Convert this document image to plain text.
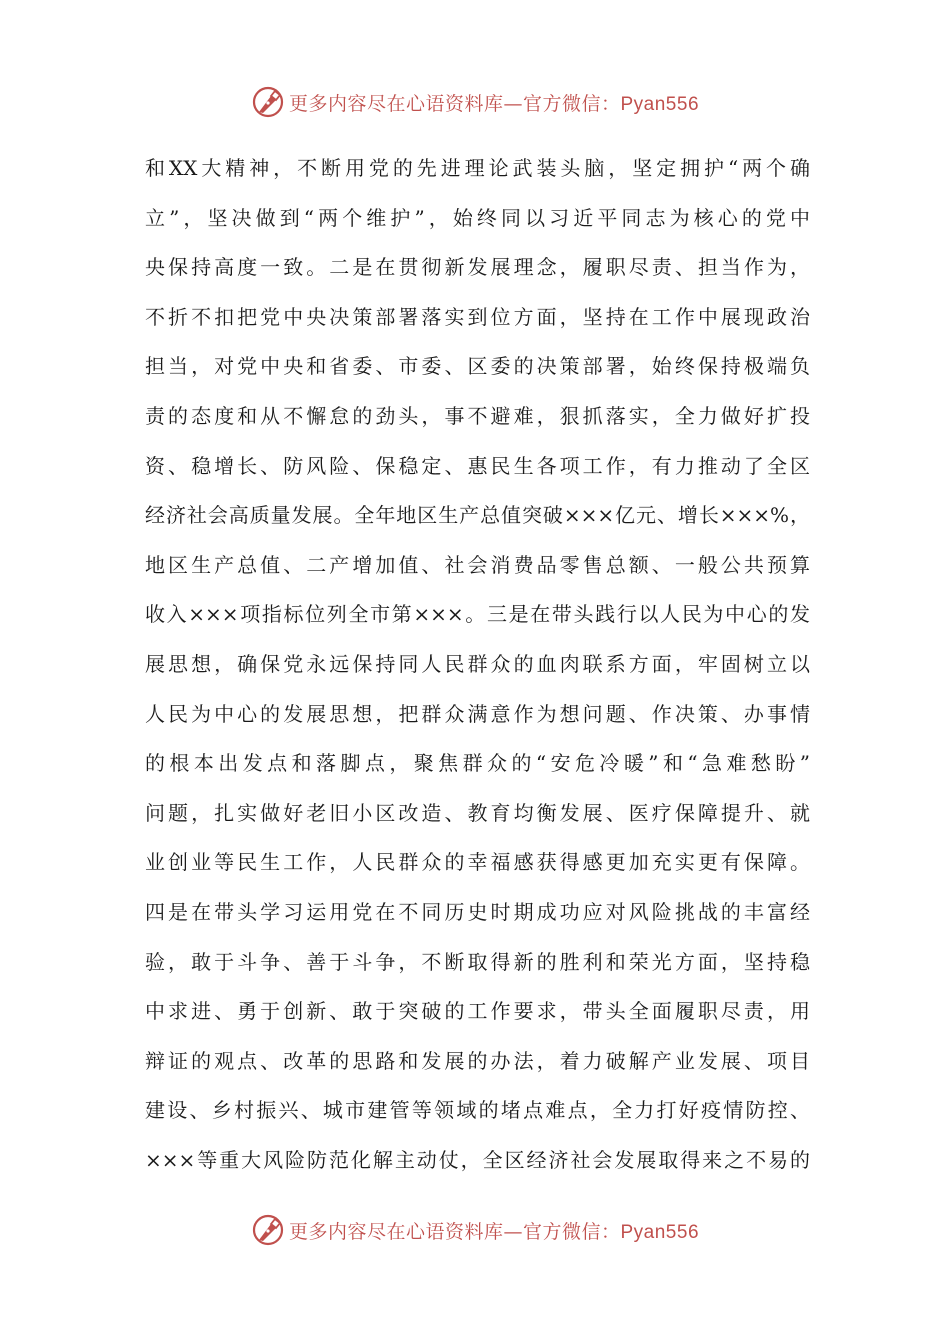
更多内容尽在心语资料库—官方微信：Pyan556
和XX大精神，不断用党的先进理论武装头脑，坚定拥护“两个确
立”，坚决做到“两个维护”，始终同以习近平同志为核心的党中
央保持高度一致。二是在贯彻新发展理念，履职尽责、担当作为，
不折不扣把党中央决策部署落实到位方面，坚持在工作中展现政治
担当，对党中央和省委、市委、区委的决策部署，始终保持极端负
责的态度和从不懈怠的劲头，事不避难，狠抓落实，全力做好扩投
资、稳增长、防风险、保稳定、惠民生各项工作，有力推动了全区
经济社会高质量发展。全年地区生产总值突破×××亿元、增长×××%，
地区生产总值、二产增加值、社会消费品零售总额、一般公共预算
收入×××项指标位列全市第×××。三是在带头践行以人民为中心的发
展思想，确保党永远保持同人民群众的血肉联系方面，牢固树立以
人民为中心的发展思想，把群众满意作为想问题、作决策、办事情
的根本出发点和落脚点，聚焦群众的“安危冷暖”和“急难愁盼”
问题，扎实做好老旧小区改造、教育均衡发展、医疗保障提升、就
业创业等民生工作，人民群众的幸福感获得感更加充实更有保障。
四是在带头学习运用党在不同历史时期成功应对风险挑战的丰富经
验，敢于斗争、善于斗争，不断取得新的胜利和荣光方面，坚持稳
中求进、勇于创新、敢于突破的工作要求，带头全面履职尽责，用
辩证的观点、改革的思路和发展的办法，着力破解产业发展、项目
建设、乡村振兴、城市建管等领域的堵点难点，全力打好疫情防控、
×××等重大风险防范化解主动仗，全区经济社会发展取得来之不易的
更多内容尽在心语资料库—官方微信：Pyan556
